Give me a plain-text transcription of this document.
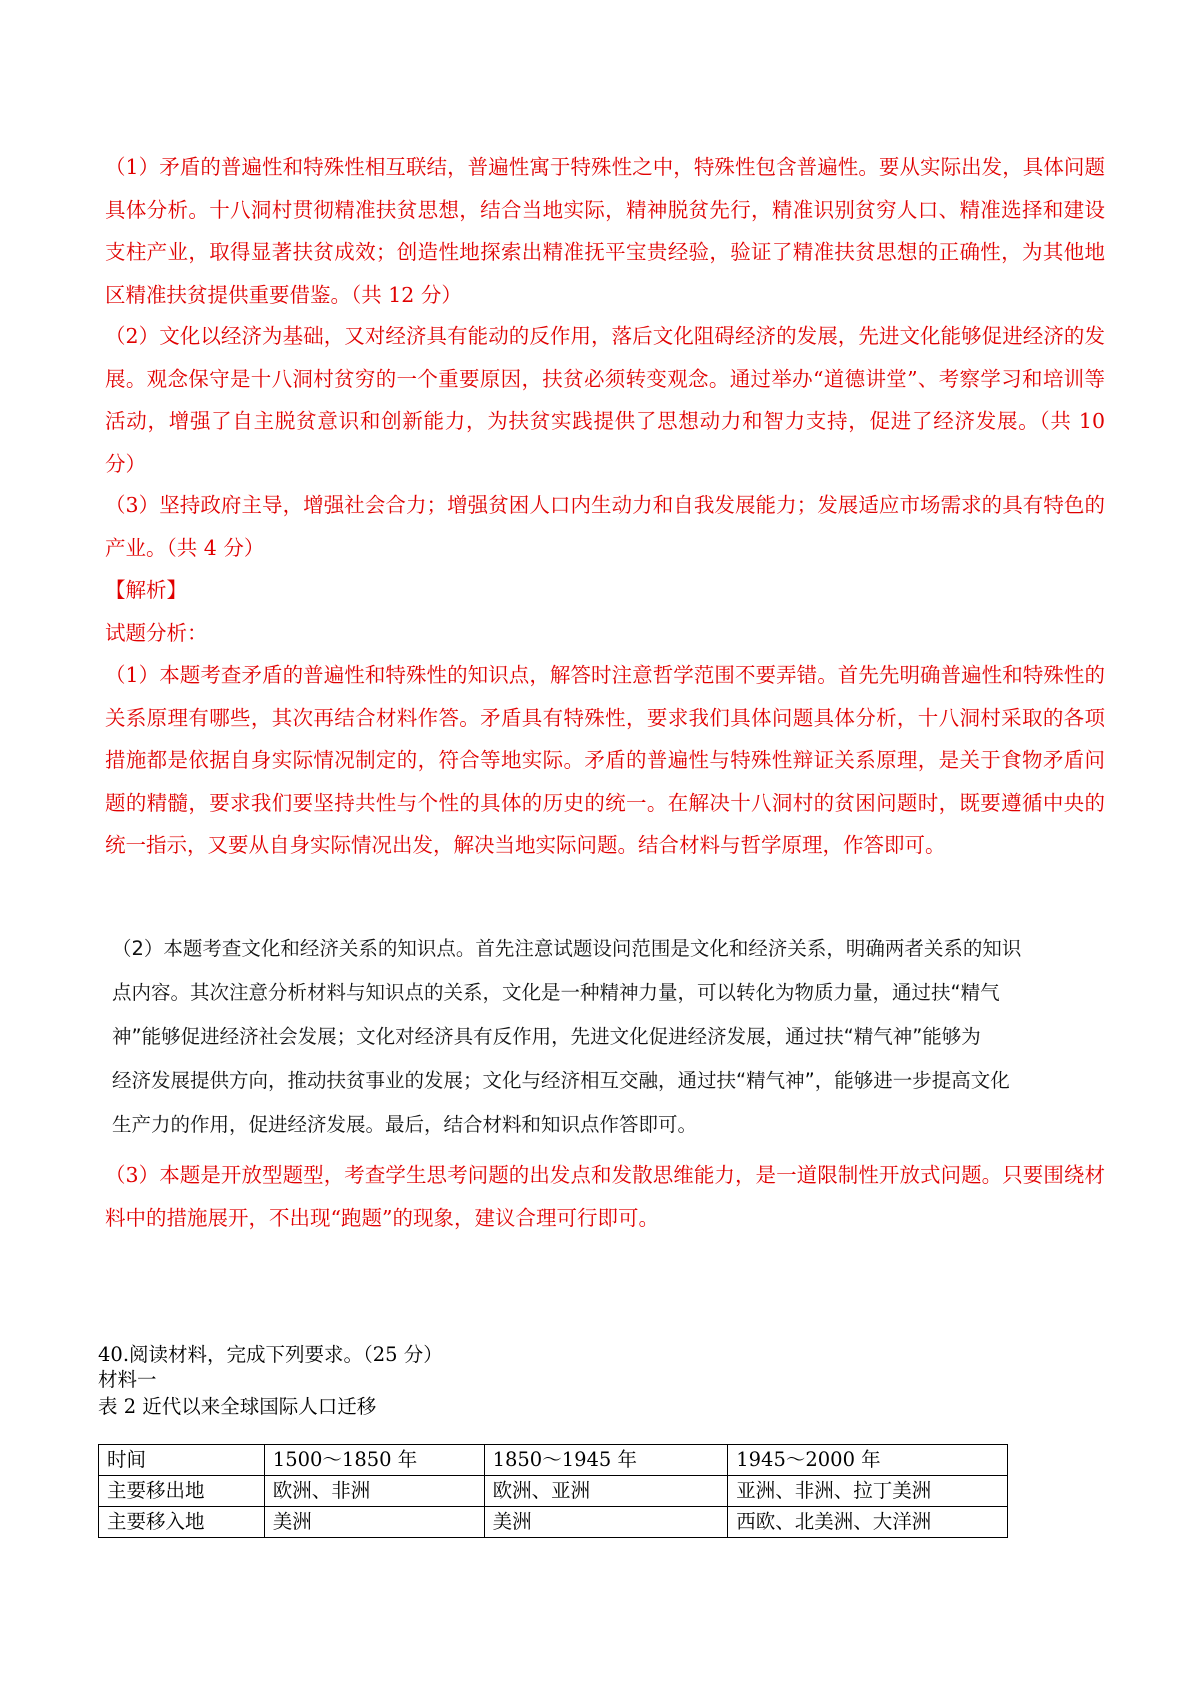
（1）矛盾的普遍性和特殊性相互联结，普遍性寓于特殊性之中，特殊性包含普遍性。要从实际出发，具体问题具体分析。十八洞村贯彻精准扶贫思想，结合当地实际，精神脱贫先行，精准识别贫穷人口、精准选择和建设支柱产业，取得显著扶贫成效；创造性地探索出精准抚平宝贵经验，验证了精准扶贫思想的正确性，为其他地区精准扶贫提供重要借鉴。（共 12 分）
（2）文化以经济为基础，又对经济具有能动的反作用，落后文化阻碍经济的发展，先进文化能够促进经济的发展。观念保守是十八洞村贫穷的一个重要原因，扶贫必须转变观念。通过举办“道德讲堂”、考察学习和培训等活动，增强了自主脱贫意识和创新能力，为扶贫实践提供了思想动力和智力支持，促进了经济发展。（共 10 分）
（3）坚持政府主导，增强社会合力；增强贫困人口内生动力和自我发展能力；发展适应市场需求的具有特色的产业。（共 4 分）
【解析】
试题分析：
（1）本题考查矛盾的普遍性和特殊性的知识点，解答时注意哲学范围不要弄错。首先先明确普遍性和特殊性的关系原理有哪些，其次再结合材料作答。矛盾具有特殊性，要求我们具体问题具体分析，十八洞村采取的各项措施都是依据自身实际情况制定的，符合等地实际。矛盾的普遍性与特殊性辩证关系原理，是关于食物矛盾问题的精髓，要求我们要坚持共性与个性的具体的历史的统一。在解决十八洞村的贫困问题时，既要遵循中央的统一指示，又要从自身实际情况出发，解决当地实际问题。结合材料与哲学原理，作答即可。
（2）本题考查文化和经济关系的知识点。首先注意试题设问范围是文化和经济关系，明确两者关系的知识
点内容。其次注意分析材料与知识点的关系，文化是一种精神力量，可以转化为物质力量，通过扶“精气
神”能够促进经济社会发展；文化对经济具有反作用，先进文化促进经济发展，通过扶“精气神”能够为
经济发展提供方向，推动扶贫事业的发展；文化与经济相互交融，通过扶“精气神”，能够进一步提高文化
生产力的作用，促进经济发展。最后，结合材料和知识点作答即可。
（3）本题是开放型题型，考查学生思考问题的出发点和发散思维能力，是一道限制性开放式问题。只要围绕材料中的措施展开，不出现“跑题”的现象，建议合理可行即可。
40.阅读材料，完成下列要求。（25 分）
材料一
表 2 近代以来全球国际人口迁移
时间	1500～1850 年	1850～1945 年	1945～2000 年
主要移出地	欧洲、非洲	欧洲、亚洲	亚洲、非洲、拉丁美洲
主要移入地	美洲	美洲	西欧、北美洲、大洋洲
